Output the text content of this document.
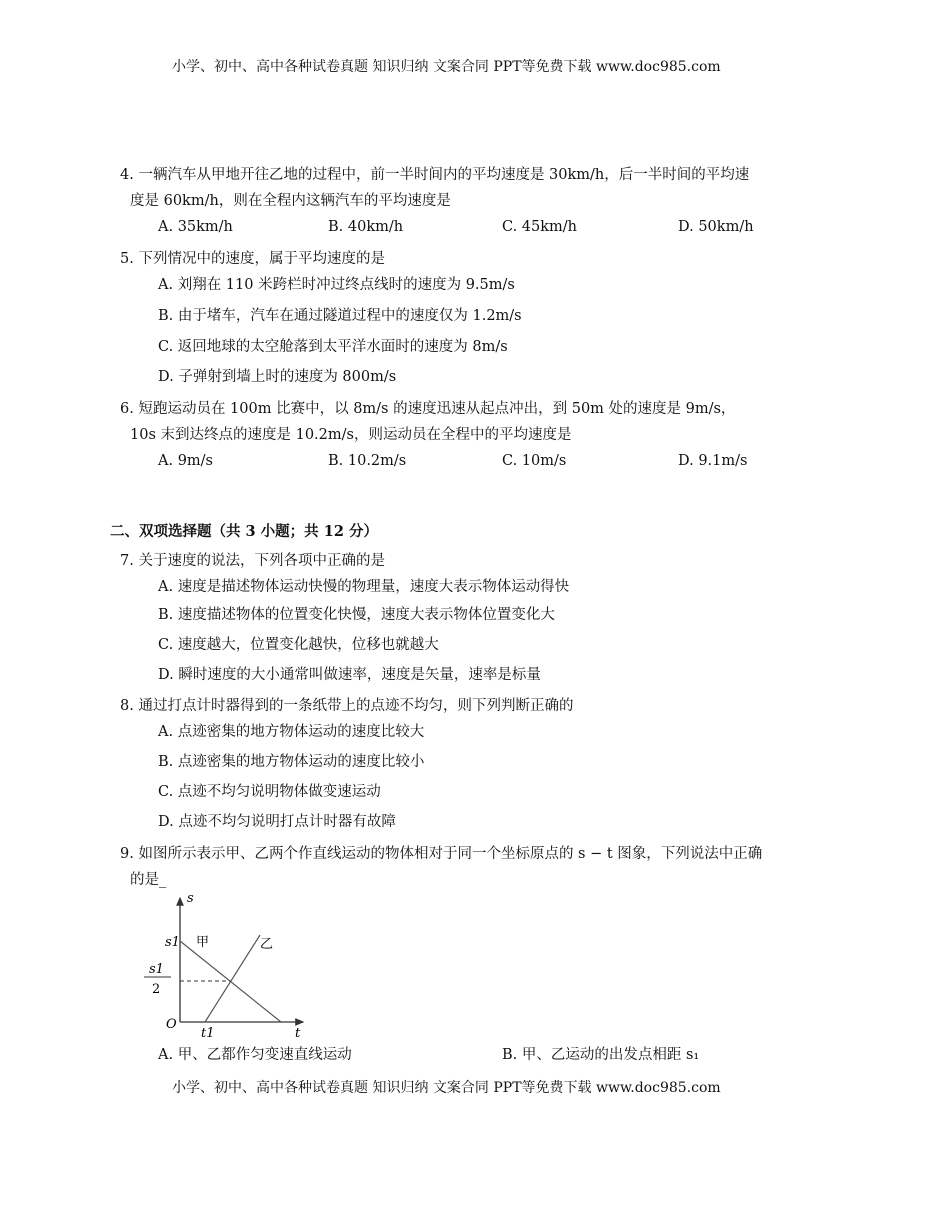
小学、初中、高中各种试卷真题 知识归纳 文案合同 PPT等免费下载 www.doc985.com
4. 一辆汽车从甲地开往乙地的过程中，前一半时间内的平均速度是 30km/h，后一半时间的平均速
度是 60km/h，则在全程内这辆汽车的平均速度是
A. 35km/h	B. 40km/h	C. 45km/h	D. 50km/h
5. 下列情况中的速度，属于平均速度的是
A. 刘翔在 110 米跨栏时冲过终点线时的速度为 9.5m/s
B. 由于堵车，汽车在通过隧道过程中的速度仅为 1.2m/s
C. 返回地球的太空舱落到太平洋水面时的速度为 8m/s
D. 子弹射到墙上时的速度为 800m/s
6. 短跑运动员在 100m 比赛中，以 8m/s 的速度迅速从起点冲出，到 50m 处的速度是 9m/s，
10s 末到达终点的速度是 10.2m/s，则运动员在全程中的平均速度是
A. 9m/s	B. 10.2m/s	C. 10m/s	D. 9.1m/s
二、双项选择题（共 3 小题；共 12 分）
7. 关于速度的说法，下列各项中正确的是
A. 速度是描述物体运动快慢的物理量，速度大表示物体运动得快
B. 速度描述物体的位置变化快慢，速度大表示物体位置变化大
C. 速度越大，位置变化越快，位移也就越大
D. 瞬时速度的大小通常叫做速率，速度是矢量，速率是标量
8. 通过打点计时器得到的一条纸带上的点迹不均匀，则下列判断正确的
A. 点迹密集的地方物体运动的速度比较大
B. 点迹密集的地方物体运动的速度比较小
C. 点迹不均匀说明物体做变速运动
D. 点迹不均匀说明打点计时器有故障
9. 如图所示表示甲、乙两个作直线运动的物体相对于同一个坐标原点的 s − t 图象，下列说法中正确
的是_
s
t
O
s1
s1
2
t1
甲	乙
A. 甲、乙都作匀变速直线运动	B. 甲、乙运动的出发点相距 s₁
小学、初中、高中各种试卷真题 知识归纳 文案合同 PPT等免费下载 www.doc985.com
